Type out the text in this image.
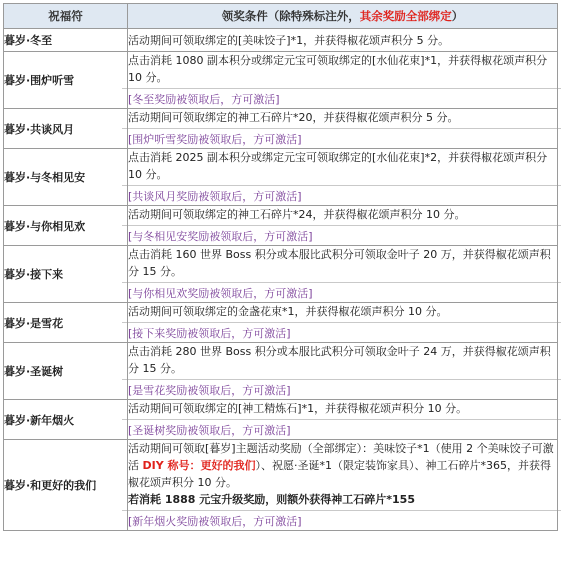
祝福符	领奖条件（除特殊标注外，其余奖励全部绑定）
暮岁·冬至	活动期间可领取绑定的[美味饺子]*1，并获得椒花颂声积分 5 分。

暮岁·围炉听雪	点击消耗 1080 副本积分或绑定元宝可领取绑定的[水仙花束]*1，并获得椒花颂声积分 10 分。
[冬至奖励被领取后，方可激活]

暮岁·共谈风月	活动期间可领取绑定的神工石碎片*20，并获得椒花颂声积分 5 分。
[围炉听雪奖励被领取后，方可激活]

暮岁·与冬相见安	点击消耗 2025 副本积分或绑定元宝可领取绑定的[水仙花束]*2，并获得椒花颂声积分 10 分。
[共谈风月奖励被领取后，方可激活]

暮岁·与你相见欢	活动期间可领取绑定的神工石碎片*24，并获得椒花颂声积分 10 分。
[与冬相见安奖励被领取后，方可激活]

暮岁·接下来	点击消耗 160 世界 Boss 积分或本服比武积分可领取金叶子 20 万，并获得椒花颂声积分 15 分。
[与你相见欢奖励被领取后，方可激活]

暮岁·是雪花	活动期间可领取绑定的金盏花束*1，并获得椒花颂声积分 10 分。
[接下来奖励被领取后，方可激活]

暮岁·圣诞树	点击消耗 280 世界 Boss 积分或本服比武积分可领取金叶子 24 万，并获得椒花颂声积分 15 分。
[是雪花奖励被领取后，方可激活]

暮岁·新年烟火	活动期间可领取绑定的[神工精炼石]*1，并获得椒花颂声积分 10 分。
[圣诞树奖励被领取后，方可激活]

暮岁·和更好的我们	活动期间可领取[暮岁]主题活动奖励（全部绑定）：美味饺子*1（使用 2 个美味饺子可激活 DIY 称号：更好的我们）、祝愿·圣诞*1（限定装饰家具）、神工石碎片*365，并获得椒花颂声积分 10 分。
若消耗 1888 元宝升级奖励，则额外获得神工石碎片*155
[新年烟火奖励被领取后，方可激活]
